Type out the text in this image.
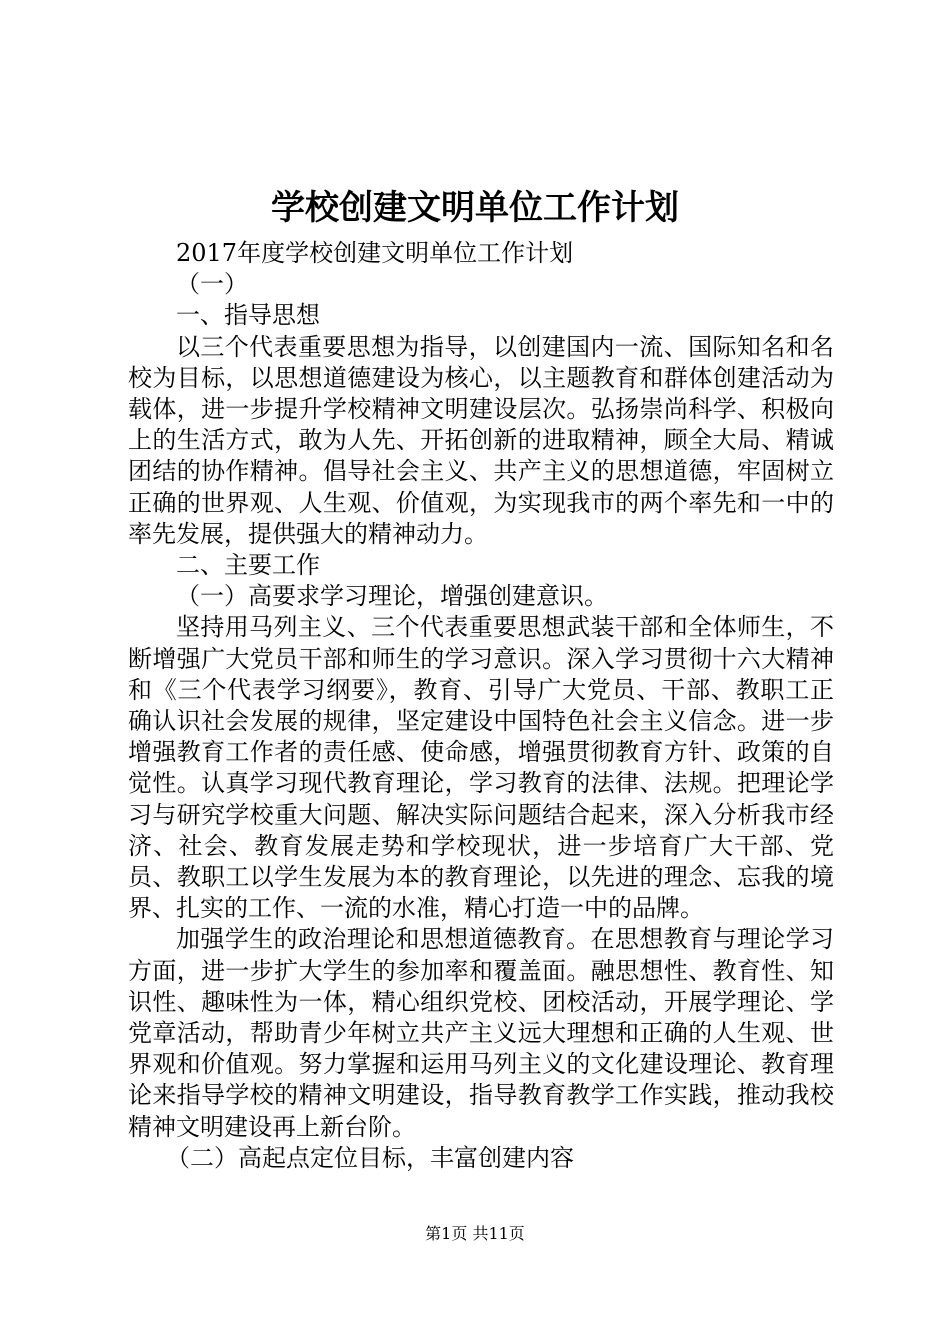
学校创建文明单位工作计划

2017年度学校创建文明单位工作计划

（一）

一、指导思想

以三个代表重要思想为指导，以创建国内一流、国际知名和名校为目标，以思想道德建设为核心，以主题教育和群体创建活动为载体，进一步提升学校精神文明建设层次。弘扬崇尚科学、积极向上的生活方式，敢为人先、开拓创新的进取精神，顾全大局、精诚团结的协作精神。倡导社会主义、共产主义的思想道德，牢固树立正确的世界观、人生观、价值观，为实现我市的两个率先和一中的率先发展，提供强大的精神动力。

二、主要工作

（一）高要求学习理论，增强创建意识。

坚持用马列主义、三个代表重要思想武装干部和全体师生，不断增强广大党员干部和师生的学习意识。深入学习贯彻十六大精神和《三个代表学习纲要》，教育、引导广大党员、干部、教职工正确认识社会发展的规律，坚定建设中国特色社会主义信念。进一步增强教育工作者的责任感、使命感，增强贯彻教育方针、政策的自觉性。认真学习现代教育理论，学习教育的法律、法规。把理论学习与研究学校重大问题、解决实际问题结合起来，深入分析我市经济、社会、教育发展走势和学校现状，进一步培育广大干部、党员、教职工以学生发展为本的教育理论，以先进的理念、忘我的境界、扎实的工作、一流的水准，精心打造一中的品牌。

加强学生的政治理论和思想道德教育。在思想教育与理论学习方面，进一步扩大学生的参加率和覆盖面。融思想性、教育性、知识性、趣味性为一体，精心组织党校、团校活动，开展学理论、学党章活动，帮助青少年树立共产主义远大理想和正确的人生观、世界观和价值观。努力掌握和运用马列主义的文化建设理论、教育理论来指导学校的精神文明建设，指导教育教学工作实践，推动我校精神文明建设再上新台阶。

（二）高起点定位目标，丰富创建内容

第1页 共11页
